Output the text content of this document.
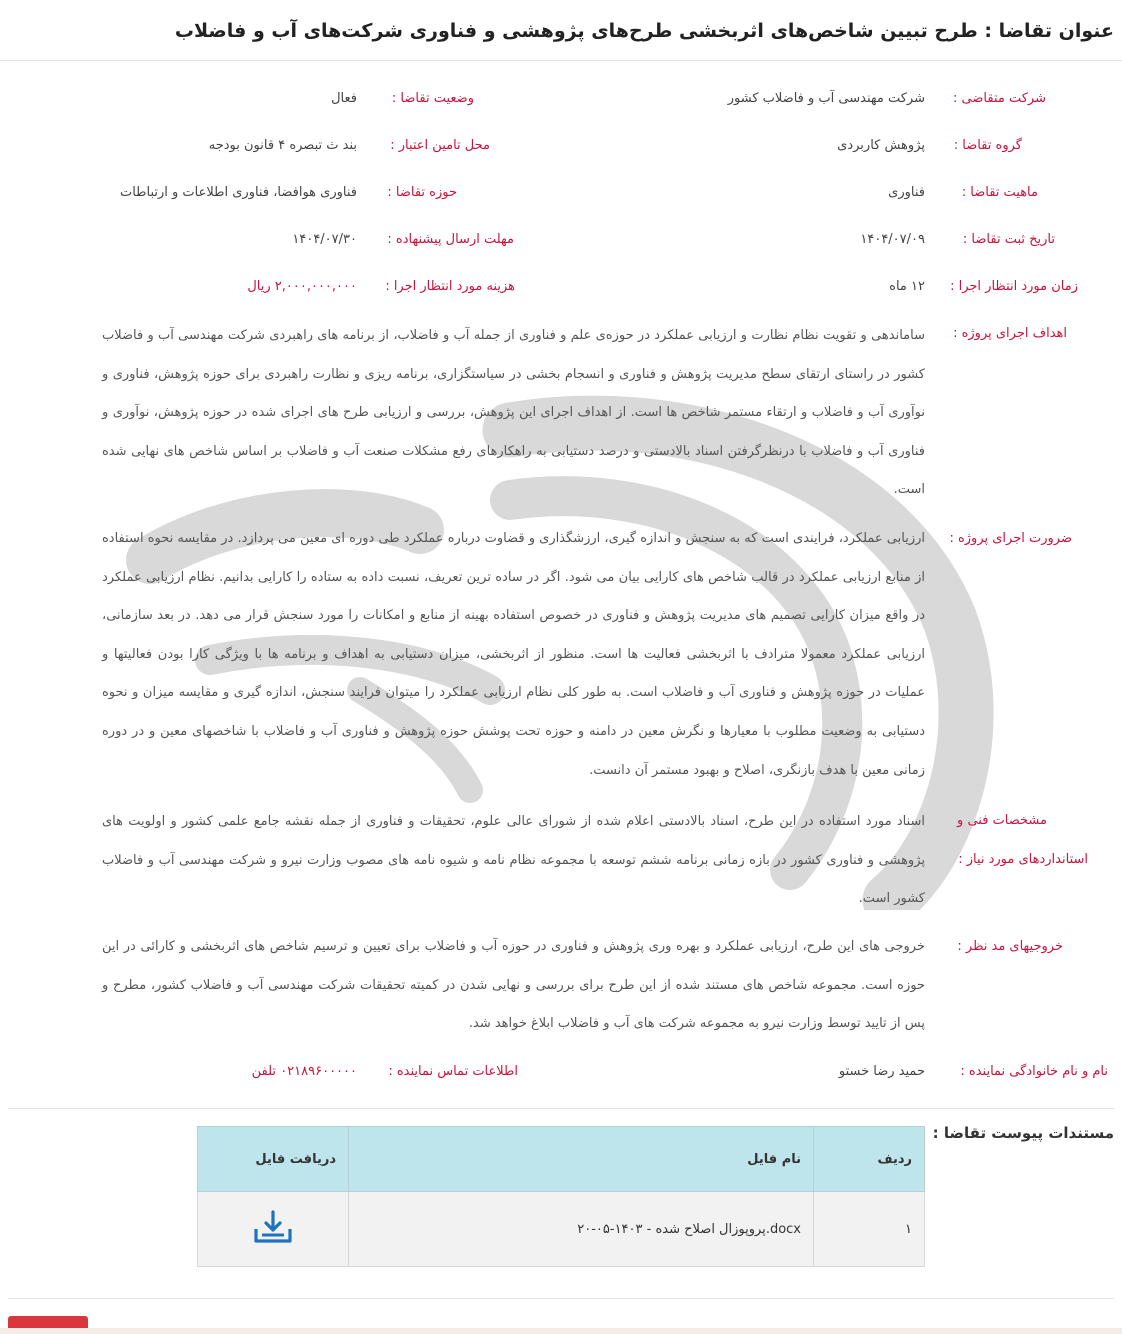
عنوان تقاضا : طرح تبیین شاخص‌های اثربخشی طرح‌های پژوهشی و فناوری شرکت‌های آب و فاضلاب
شرکت متقاضی :
شرکت مهندسی آب و فاضلاب کشور
وضعیت تقاضا :
فعال
گروه تقاضا :
پژوهش کاربردی
محل تامین اعتبار :
بند ث تبصره ۴ قانون بودجه
ماهیت تقاضا :
فناوری
حوزه تقاضا :
فناوری هوافضا، فناوری اطلاعات و ارتباطات
تاریخ ثبت تقاضا :
۱۴۰۴/۰۷/۰۹
مهلت ارسال پیشنهاده :
۱۴۰۴/۰۷/۳۰
زمان مورد انتظار اجرا :
۱۲ ماه
هزینه مورد انتظار اجرا :
۲,۰۰۰,۰۰۰,۰۰۰ ریال
اهداف اجرای پروژه :

ساماندهی و تقویت نظام نظارت و ارزیابی عملکرد در حوزه‌ی علم و فناوری از جمله آب و فاضلاب، از برنامه های راهبردی شرکت مهندسی آب و فاضلاب کشور در راستای ارتقای سطح مدیریت پژوهش و فناوری و انسجام بخشی در سیاستگزاری، برنامه ریزی و نظارت راهبردی برای حوزه پژوهش، فناوری و نوآوری آب و فاضلاب و ارتقاء مستمر شاخص ها است. از اهداف اجرای این پژوهش، بررسی و ارزیابی طرح های اجرای شده در حوزه پژوهش، نوآوری و فناوری آب و فاضلاب با درنظرگرفتن اسناد بالادستی و درصد دستیابی به راهکارهای رفع مشکلات صنعت آب و فاضلاب بر اساس شاخص های نهایی شده است.

ضرورت اجرای پروژه :

ارزیابی عملکرد، فرایندی است که به سنجش و اندازه گیری، ارزشگذاری و قضاوت درباره عملکرد طی دوره ای معین می پردازد. در مقایسه نحوه استفاده از منابع ارزیابی عملکرد در قالب شاخص های کارایی بیان می شود. اگر در ساده ترین تعریف، نسبت داده به ستاده را کارایی بدانیم. نظام ارزیابی عملکرد در واقع میزان کارایی تصمیم های مدیریت پژوهش و فناوری در خصوص استفاده بهینه از منابع و امکانات را مورد سنجش قرار می دهد. در بعد سازمانی، ارزیابی عملکرد معمولا مترادف با اثربخشی فعالیت ها است. منظور از اثربخشی، میزان دستیابی به اهداف و برنامه ها با ویژگی کارا بودن فعالیتها و عملیات در حوزه پژوهش و فناوری آب و فاضلاب است. به طور کلی نظام ارزیابی عملکرد را میتوان فرایند سنجش، اندازه گیری و مقایسه میزان و نحوه دستیابی به وضعیت مطلوب با معیارها و نگرش معین در دامنه و حوزه تحت پوشش حوزه پژوهش و فناوری آب و فاضلاب با شاخصهای معین و در دوره زمانی معین با هدف بازنگری، اصلاح و بهبود مستمر آن دانست.

مشخصات فنی و
استانداردهای مورد نیاز :

اسناد مورد استفاده در این طرح، اسناد بالادستی اعلام شده از شورای عالی علوم، تحقیقات و فناوری از جمله نقشه جامع علمی کشور و اولویت های پژوهشی و فناوری کشور در بازه زمانی برنامه ششم توسعه با مجموعه نظام نامه و شیوه نامه های مصوب وزارت نیرو و شرکت مهندسی آب و فاضلاب کشور است.

خروجیهای مد نظر :

خروجی های این طرح، ارزیابی عملکرد و بهره وری پژوهش و فناوری در حوزه آب و فاضلاب برای تعیین و ترسیم شاخص های اثربخشی و کارائی در این حوزه است. مجموعه شاخص های مستند شده از این طرح برای بررسی و نهایی شدن در کمیته تحقیقات شرکت مهندسی آب و فاضلاب کشور، مطرح و پس از تایید توسط وزارت نیرو به مجموعه شرکت های آب و فاضلاب ابلاغ خواهد شد.

نام و نام خانوادگی نماینده :
حمید رضا خستو
اطلاعات تماس نماینده :
۰۲۱۸۹۶۰۰۰۰۰ تلفن
مستندات پیوست تقاضا :
ردیف	نام فایل	دریافت فایل
۱	پروپوزال اصلاح شده - ۱۴۰۳-۰۵-۲۰.docx	
